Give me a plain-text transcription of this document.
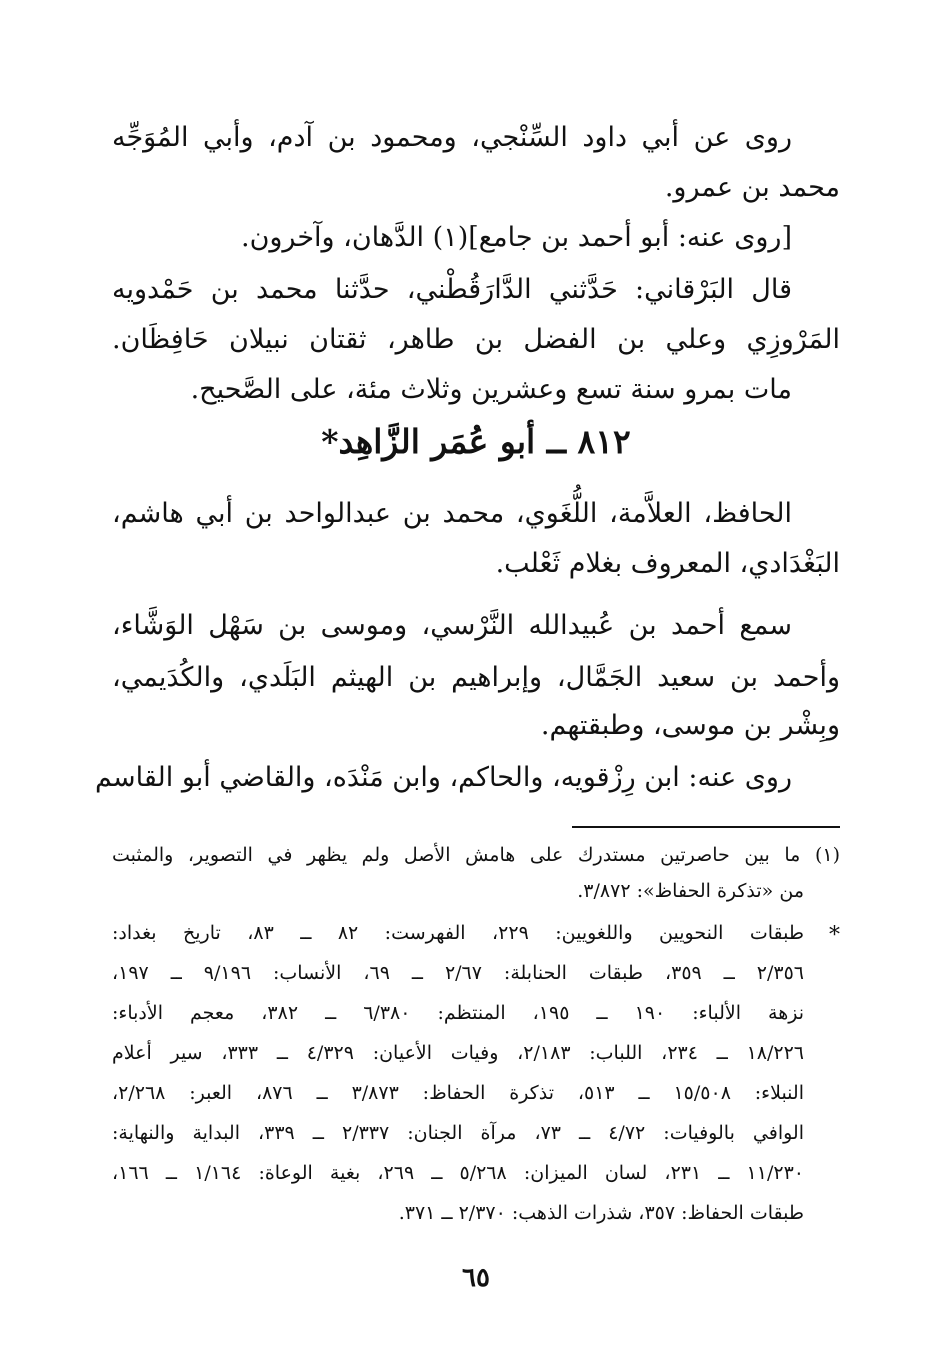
روى عن أبي داود السِّنْجي، ومحمود بن آدم، وأبي المُوَجِّه
محمد بن عمرو.
[روى عنه: أبو أحمد بن جامع](١) الدَّهان، وآخرون.
قال البَرْقاني: حَدَّثني الدَّارَقُطْني، حدَّثنا محمد بن حَمْدويه
المَرْوزِي وعلي بن الفضل بن طاهر، ثقتان نبيلان حَافِظَان.
مات بمرو سنة تسع وعشرين وثلاث مئة، على الصَّحيح.
٨١٢ ــ أبو عُمَر الزَّاهِد*
الحافظ، العلاَّمة، اللُّغَوي، محمد بن عبدالواحد بن أبي هاشم،
البَغْدَادي، المعروف بغلام ثَعْلب.
سمع أحمد بن عُبيدالله النَّرْسي، وموسى بن سَهْل الوَشَّاء،
وأحمد بن سعيد الجَمَّال، وإبراهيم بن الهيثم البَلَدي، والكُدَيمي،
وبِشْر بن موسى، وطبقتهم.
روى عنه: ابن رِزْقويه، والحاكم، وابن مَنْدَه، والقاضي أبو القاسم
(١) ما بين حاصرتين مستدرك على هامش الأصل ولم يظهر في التصوير، والمثبت
من «تذكرة الحفاظ»: ٣/٨٧٢.
*
طبقات النحويين واللغويين: ٢٢٩، الفهرست: ٨٢ ــ ٨٣، تاريخ بغداد:
٢/٣٥٦ ــ ٣٥٩، طبقات الحنابلة: ٢/٦٧ ــ ٦٩، الأنساب: ٩/١٩٦ ــ ١٩٧،
نزهة الألباء: ١٩٠ ــ ١٩٥، المنتظم: ٦/٣٨٠ ــ ٣٨٢، معجم الأدباء:
١٨/٢٢٦ ــ ٢٣٤، اللباب: ٢/١٨٣، وفيات الأعيان: ٤/٣٢٩ ــ ٣٣٣، سير أعلام
النبلاء: ١٥/٥٠٨ ــ ٥١٣، تذكرة الحفاظ: ٣/٨٧٣ ــ ٨٧٦، العبر: ٢/٢٦٨،
الوافي بالوفيات: ٤/٧٢ ــ ٧٣، مرآة الجنان: ٢/٣٣٧ ــ ٣٣٩، البداية والنهاية:
١١/٢٣٠ ــ ٢٣١، لسان الميزان: ٥/٢٦٨ ــ ٢٦٩، بغية الوعاة: ١/١٦٤ ــ ١٦٦،
طبقات الحفاظ: ٣٥٧، شذرات الذهب: ٢/٣٧٠ ــ ٣٧١.
٦٥
